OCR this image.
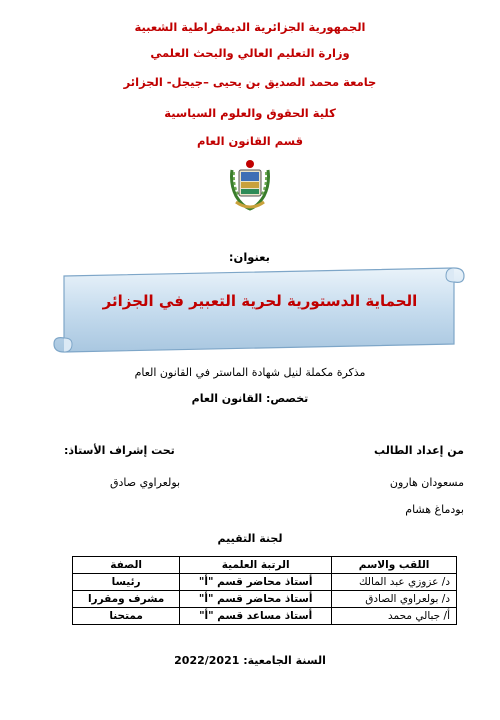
الجمهورية الجزائرية الديمقراطية الشعبية
وزارة التعليم العالي والبحث العلمي
جامعة محمد الصديق بن يحيى –جيجل- الجزائر
كلية الحقوق والعلوم السياسية
قسم القانون العام
بعنوان:
الحماية الدستورية لحرية التعبير في الجزائر
مذكرة مكملة لنيل شهادة الماستر في القانون العام
تخصص: القانون العام
من إعداد الطالب
مسعودان هارون
بودماغ هشام
تحت إشراف الأستاذ:
بولعراوي صادق
لجنة التقييم
اللقب والاسم	الرتبة العلمية	الصفة
د/ عزوزي عبد المالك	أستاذ محاضر قسم "أ"	رئيسا
د/ بولعراوي الصادق	أستاذ محاضر قسم "أ"	مشرف ومقررا
أ/ جبالي محمد	أستاذ مساعد قسم "أ"	ممتحنا
السنة الجامعية: 2022/2021
